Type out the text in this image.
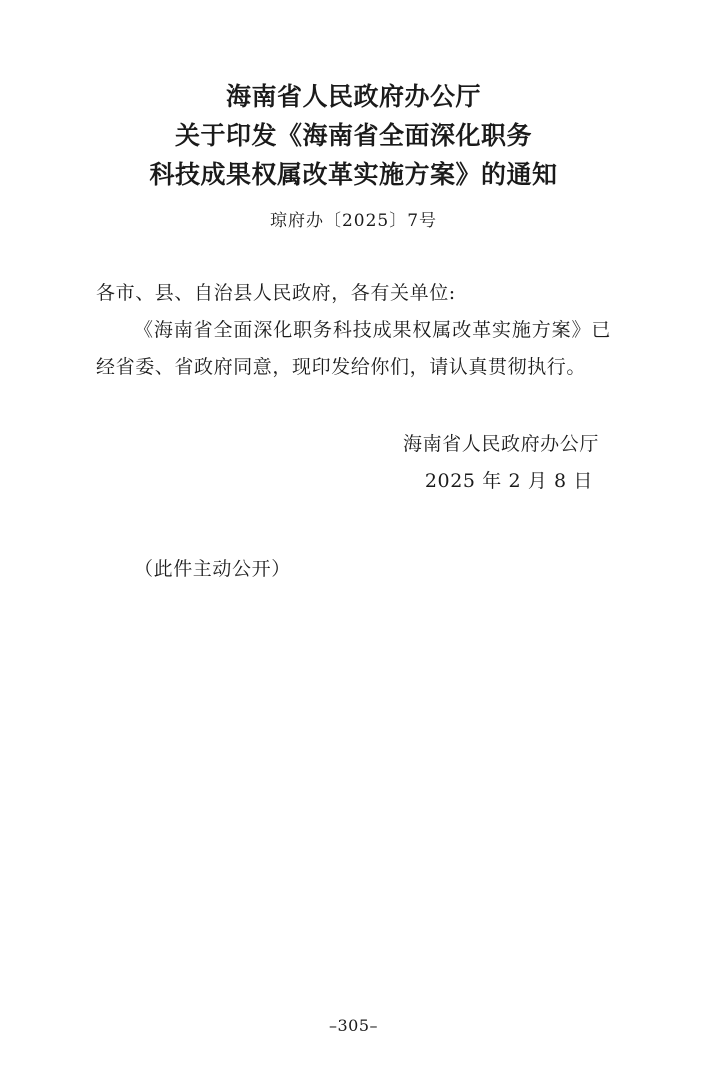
海南省人民政府办公厅
关于印发《海南省全面深化职务
科技成果权属改革实施方案》的通知
琼府办〔2025〕7号
各市、县、自治县人民政府，各有关单位:
《海南省全面深化职务科技成果权属改革实施方案》已经省委、省政府同意，现印发给你们，请认真贯彻执行。
海南省人民政府办公厅
2025 年 2 月 8 日
（此件主动公开）
–305–
